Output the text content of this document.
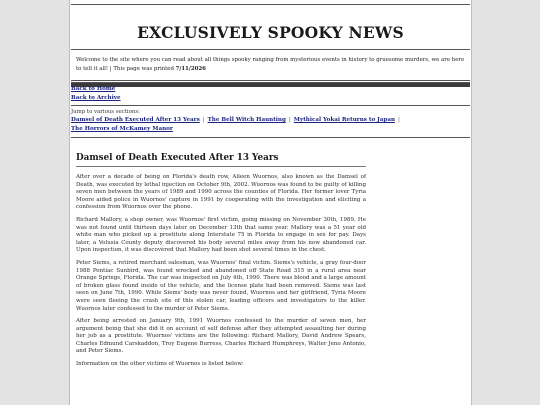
EXCLUSIVELY SPOOKY NEWS

Welcome to the site where you can read about all things spooky ranging from mysterious events in history to gruesome murders, we are here to tell it all! | This page was printed 7/11/2026

Back to Home
Back to Archive
Jump to various sections:
Damsel of Death Executed After 13 Years | The Bell Witch Haunting | Mythical Yokai Returns to Japan |
The Horrors of McKamey Manor
Damsel of Death Executed After 13 Years

After over a decade of being on Florida's death row, Aileen Wuornos, also known as the Damsel of Death, was executed by lethal injection on October 9th, 2002. Wuornos was found to be guilty of killing seven men between the years of 1989 and 1990 across the counties of Florida. Her former lover Tyria Moore aided police in Wuornos' capture in 1991 by cooperating with the investigation and eliciting a confession from Wuornos over the phone.

Richard Mallory, a shop owner, was Wuornos' first victim, going missing on November 30th, 1989. He was not found until thirteen days later on December 13th that same year. Mallory was a 51 year old white man who picked up a prostitute along Interstate 75 in Florida to engage in sex for pay. Days later, a Volusia County deputy discovered his body several miles away from his now abandoned car. Upon inspection, it was discovered that Mallory had been shot several times in the chest.

Peter Siems, a retired merchant salesman, was Wuornos' final victim. Siems's vehicle, a gray four-door 1988 Pontiac Sunbird, was found wrecked and abandoned off State Road 315 in a rural area near Orange Springs, Florida. The car was inspected on July 4th, 1990. There was blood and a large amount of broken glass found inside of the vehicle, and the license plate had been removed. Siems was last seen on June 7th, 1990. While Siems' body was never found, Wuornos and her girlfriend, Tyria Moore were seen fleeing the crash site of this stolen car, leading officers and investigators to the killer. Wuornos later confessed to the murder of Peter Siems.

After being arrested on January 9th, 1991 Wuornos confessed to the murder of seven men, her argument being that she did it on account of self defense after they attempted assaulting her during her job as a prostitute. Wuornos' victims are the following: Richard Mallory, David Andrew Spears, Charles Edmund Carskaddon, Troy Eugene Burress, Charles Richard Humphreys, Walter Jeno Antonio, and Peter Siems.

Information on the other victims of Wuornos is listed below:
